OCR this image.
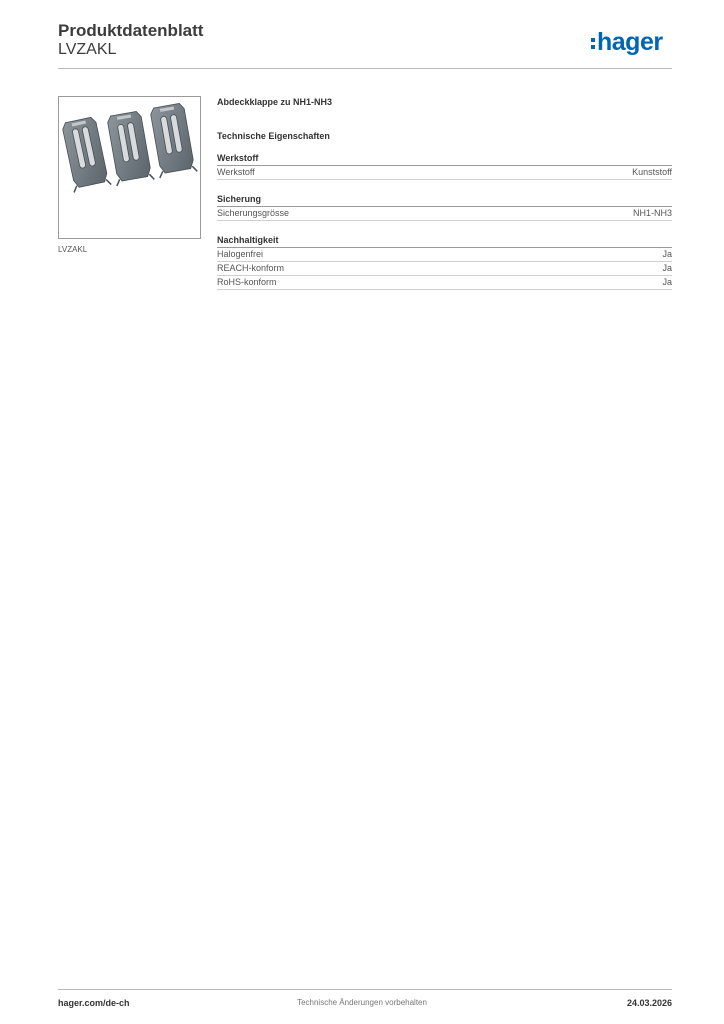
Produktdatenblatt
LVZAKL	hager
LVZAKL
Abdeckklappe zu NH1-NH3
Technische Eigenschaften
Werkstoff
Werkstoff	Kunststoff
Sicherung
Sicherungsgrösse	NH1-NH3
Nachhaltigkeit
Halogenfrei	Ja
REACH-konform	Ja
RoHS-konform	Ja
hager.com/de-ch	Technische Änderungen vorbehalten	24.03.2026
